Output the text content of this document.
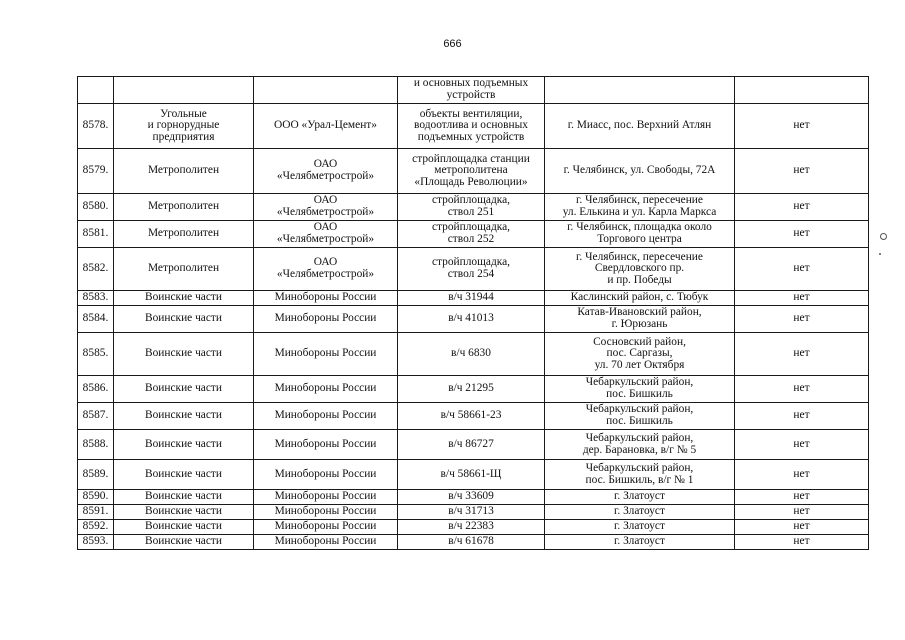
666

			и основных подъемных
устройств		

8578.	Угольные
и горнорудные
предприятия	ООО «Урал-Цемент»	объекты вентиляции,
водоотлива и основных
подъемных устройств	г. Миасс, пос. Верхний Атлян	нет
8579.	Метрополитен	ОАО
«Челябметрострой»	стройплощадка станции
метрополитена
«Площадь Революции»	г. Челябинск, ул. Свободы, 72А	нет
8580.	Метрополитен	ОАО
«Челябметрострой»	стройплощадка,
ствол 251	г. Челябинск, пересечение
ул. Елькина и ул. Карла Маркса	нет
8581.	Метрополитен	ОАО
«Челябметрострой»	стройплощадка,
ствол 252	г. Челябинск, площадка около
Торгового центра	нет
8582.	Метрополитен	ОАО
«Челябметрострой»	стройплощадка,
ствол 254	г. Челябинск, пересечение
Свердловского пр.
и пр. Победы	нет
8583.	Воинские части	Минобороны России	в/ч 31944	Каслинский район, с. Тюбук	нет
8584.	Воинские части	Минобороны России	в/ч 41013	Катав-Ивановский район,
г. Юрюзань	нет
8585.	Воинские части	Минобороны России	в/ч 6830	Сосновский район,
пос. Саргазы,
ул. 70 лет Октября	нет
8586.	Воинские части	Минобороны России	в/ч 21295	Чебаркульский район,
пос. Бишкиль	нет
8587.	Воинские части	Минобороны России	в/ч 58661-23	Чебаркульский район,
пос. Бишкиль	нет
8588.	Воинские части	Минобороны России	в/ч 86727	Чебаркульский район,
дер. Барановка, в/г № 5	нет
8589.	Воинские части	Минобороны России	в/ч 58661-Щ	Чебаркульский район,
пос. Бишкиль, в/г № 1	нет
8590.	Воинские части	Минобороны России	в/ч 33609	г. Златоуст	нет
8591.	Воинские части	Минобороны России	в/ч 31713	г. Златоуст	нет
8592.	Воинские части	Минобороны России	в/ч 22383	г. Златоуст	нет
8593.	Воинские части	Минобороны России	в/ч 61678	г. Златоуст	нет
